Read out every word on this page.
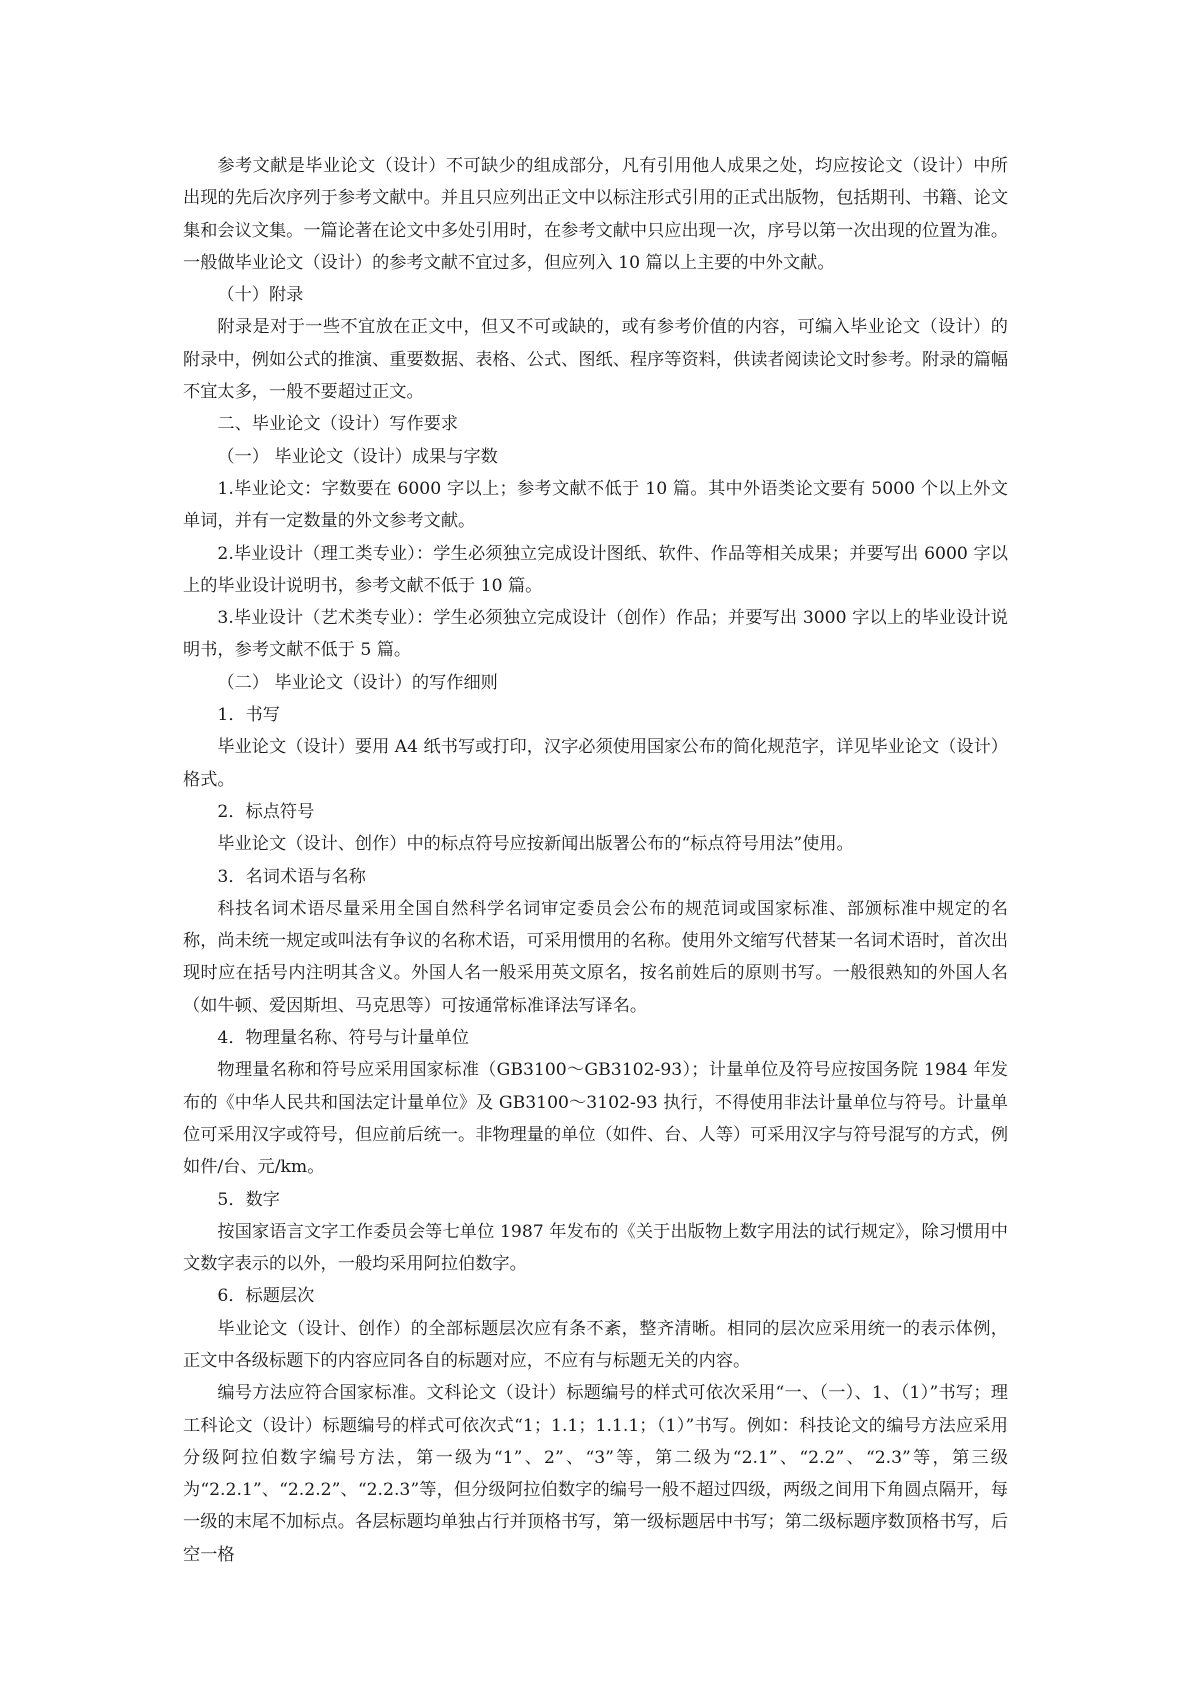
参考文献是毕业论文（设计）不可缺少的组成部分，凡有引用他人成果之处，均应按论文（设计）中所出现的先后次序列于参考文献中。并且只应列出正文中以标注形式引用的正式出版物，包括期刊、书籍、论文集和会议文集。一篇论著在论文中多处引用时，在参考文献中只应出现一次，序号以第一次出现的位置为准。一般做毕业论文（设计）的参考文献不宜过多，但应列入 10 篇以上主要的中外文献。

（十）附录

附录是对于一些不宜放在正文中，但又不可或缺的，或有参考价值的内容，可编入毕业论文（设计）的附录中，例如公式的推演、重要数据、表格、公式、图纸、程序等资料，供读者阅读论文时参考。附录的篇幅不宜太多，一般不要超过正文。

二、毕业论文（设计）写作要求

（一） 毕业论文（设计）成果与字数

1.毕业论文：字数要在 6000 字以上；参考文献不低于 10 篇。其中外语类论文要有 5000 个以上外文单词，并有一定数量的外文参考文献。

2.毕业设计（理工类专业）：学生必须独立完成设计图纸、软件、作品等相关成果；并要写出 6000 字以上的毕业设计说明书，参考文献不低于 10 篇。

3.毕业设计（艺术类专业）：学生必须独立完成设计（创作）作品；并要写出 3000 字以上的毕业设计说明书，参考文献不低于 5 篇。

（二） 毕业论文（设计）的写作细则

1．书写

毕业论文（设计）要用 A4 纸书写或打印，汉字必须使用国家公布的简化规范字，详见毕业论文（设计）格式。

2．标点符号

毕业论文（设计、创作）中的标点符号应按新闻出版署公布的“标点符号用法”使用。

3．名词术语与名称

科技名词术语尽量采用全国自然科学名词审定委员会公布的规范词或国家标准、部颁标准中规定的名称，尚未统一规定或叫法有争议的名称术语，可采用惯用的名称。使用外文缩写代替某一名词术语时，首次出现时应在括号内注明其含义。外国人名一般采用英文原名，按名前姓后的原则书写。一般很熟知的外国人名（如牛顿、爱因斯坦、马克思等）可按通常标准译法写译名。

4．物理量名称、符号与计量单位

物理量名称和符号应采用国家标准（GB3100～GB3102-93）；计量单位及符号应按国务院 1984 年发布的《中华人民共和国法定计量单位》及 GB3100～3102-93 执行，不得使用非法计量单位与符号。计量单位可采用汉字或符号，但应前后统一。非物理量的单位（如件、台、人等）可采用汉字与符号混写的方式，例如件/台、元/km。

5．数字

按国家语言文字工作委员会等七单位 1987 年发布的《关于出版物上数字用法的试行规定》，除习惯用中文数字表示的以外，一般均采用阿拉伯数字。

6．标题层次

毕业论文（设计、创作）的全部标题层次应有条不紊，整齐清晰。相同的层次应采用统一的表示体例，正文中各级标题下的内容应同各自的标题对应，不应有与标题无关的内容。

编号方法应符合国家标准。文科论文（设计）标题编号的样式可依次采用“一、（一）、1、（1）”书写；理工科论文（设计）标题编号的样式可依次式“1；1.1；1.1.1；（1）”书写。例如：科技论文的编号方法应采用分级阿拉伯数字编号方法，第一级为“1”、2”、“3”等，第二级为“2.1”、“2.2”、“2.3”等，第三级为“2.2.1”、“2.2.2”、“2.2.3”等，但分级阿拉伯数字的编号一般不超过四级，两级之间用下角圆点隔开，每一级的末尾不加标点。各层标题均单独占行并顶格书写，第一级标题居中书写；第二级标题序数顶格书写，后空一格
